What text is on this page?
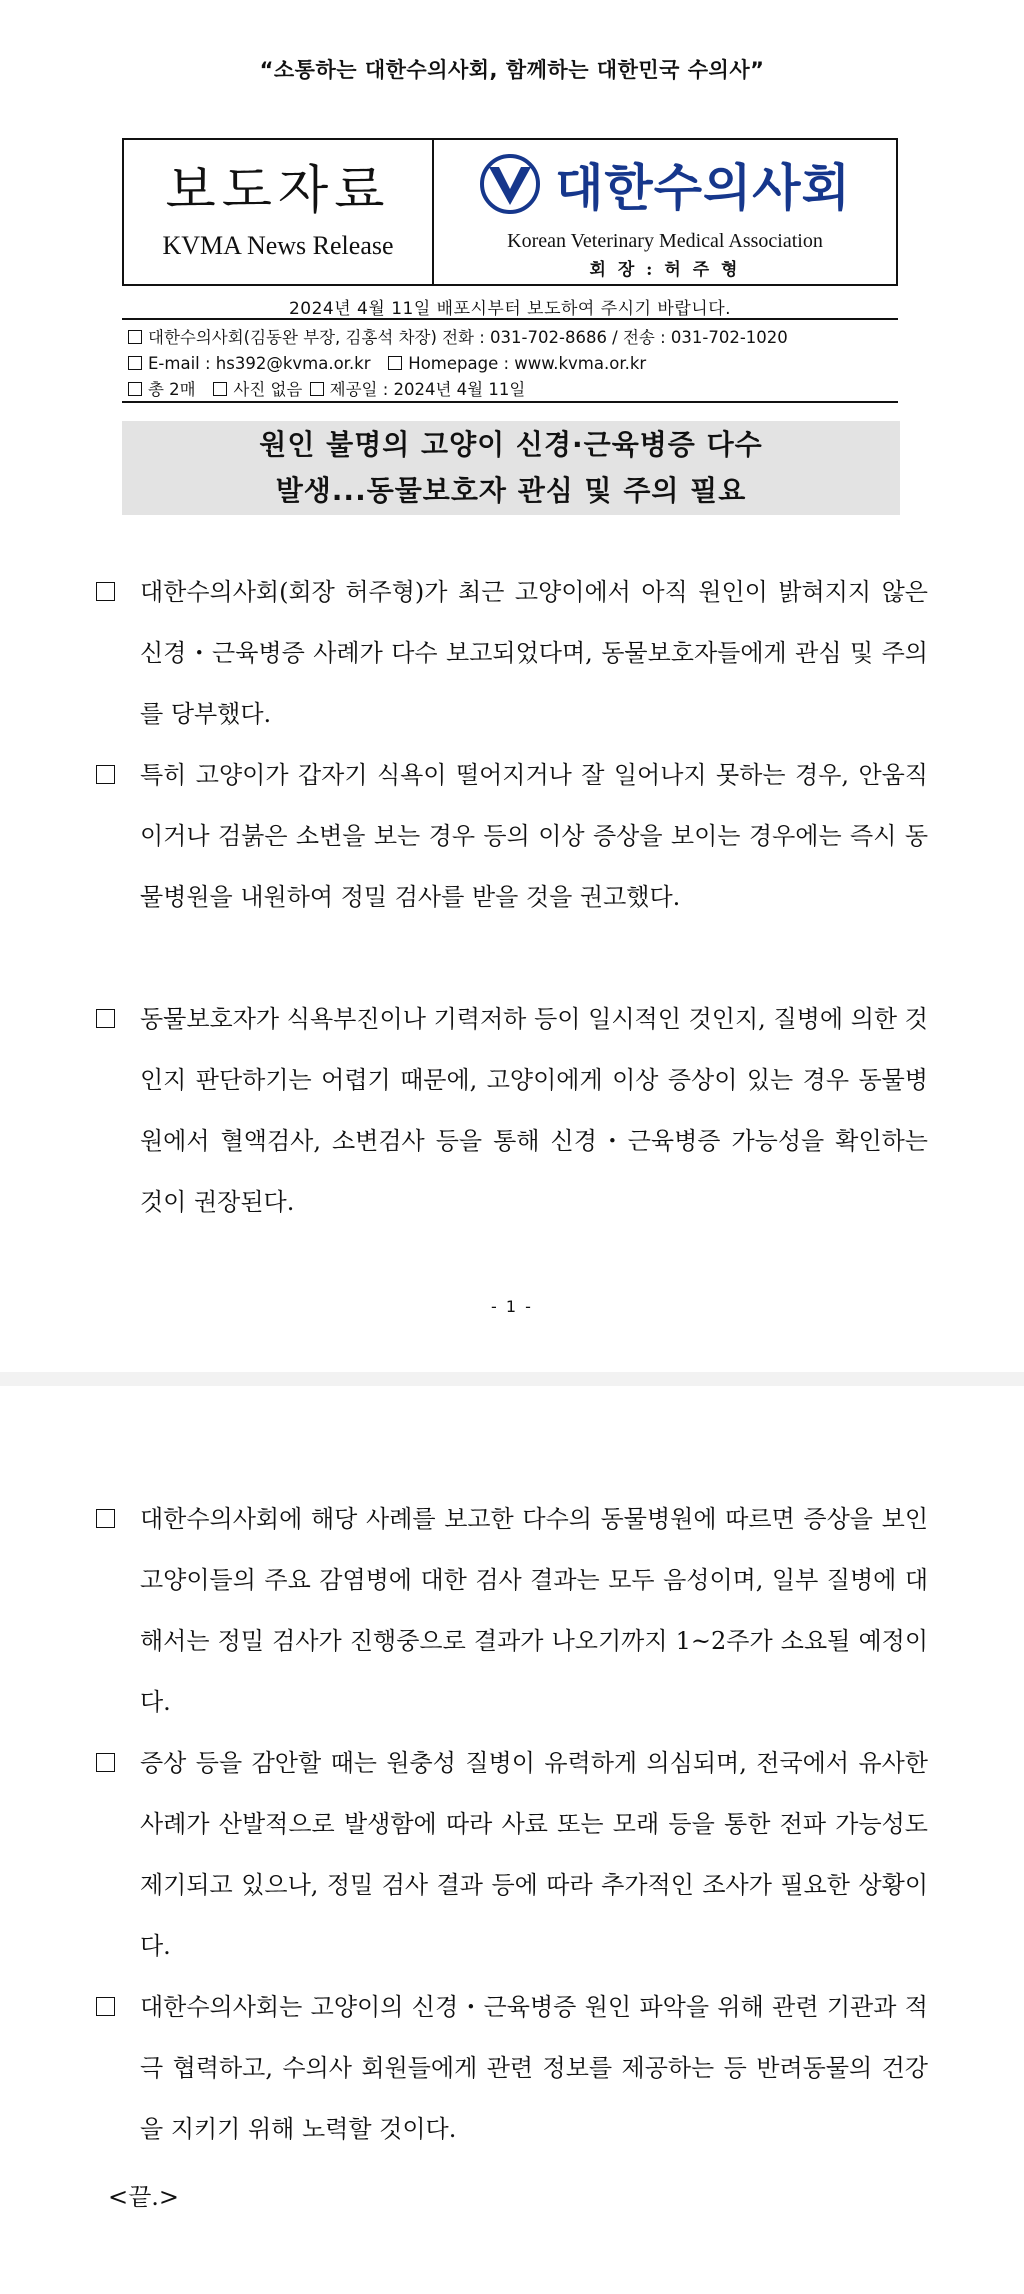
“소통하는 대한수의사회, 함께하는 대한민국 수의사”
보도자료
KVMA News Release
대한수의사회
Korean Veterinary Medical Association
회 장 : 허 주 형
2024년 4월 11일 배포시부터 보도하여 주시기 바랍니다.
대한수의사회(김동완 부장, 김홍석 차장) 전화 : 031-702-8686 / 전송 : 031-702-1020
E-mail : hs392@kvma.or.kr Homepage : www.kvma.or.kr
총 2매 사진 없음 제공일 : 2024년 4월 11일
원인 불명의 고양이 신경·근육병증 다수
발생...동물보호자 관심 및 주의 필요
대한수의사회(회장 허주형)가 최근 고양이에서 아직 원인이 밝혀지지 않은 신경・근육병증 사례가 다수 보고되었다며, 동물보호자들에게 관심 및 주의를 당부했다.
특히 고양이가 갑자기 식욕이 떨어지거나 잘 일어나지 못하는 경우, 안움직이거나 검붉은 소변을 보는 경우 등의 이상 증상을 보이는 경우에는 즉시 동물병원을 내원하여 정밀 검사를 받을 것을 권고했다.
동물보호자가 식욕부진이나 기력저하 등이 일시적인 것인지, 질병에 의한 것인지 판단하기는 어렵기 때문에, 고양이에게 이상 증상이 있는 경우 동물병원에서 혈액검사, 소변검사 등을 통해 신경・근육병증 가능성을 확인하는 것이 권장된다.
- 1 -
대한수의사회에 해당 사례를 보고한 다수의 동물병원에 따르면 증상을 보인 고양이들의 주요 감염병에 대한 검사 결과는 모두 음성이며, 일부 질병에 대해서는 정밀 검사가 진행중으로 결과가 나오기까지 1~2주가 소요될 예정이다.
증상 등을 감안할 때는 원충성 질병이 유력하게 의심되며, 전국에서 유사한 사례가 산발적으로 발생함에 따라 사료 또는 모래 등을 통한 전파 가능성도 제기되고 있으나, 정밀 검사 결과 등에 따라 추가적인 조사가 필요한 상황이다.
대한수의사회는 고양이의 신경・근육병증 원인 파악을 위해 관련 기관과 적극 협력하고, 수의사 회원들에게 관련 정보를 제공하는 등 반려동물의 건강을 지키기 위해 노력할 것이다.
<끝.>
